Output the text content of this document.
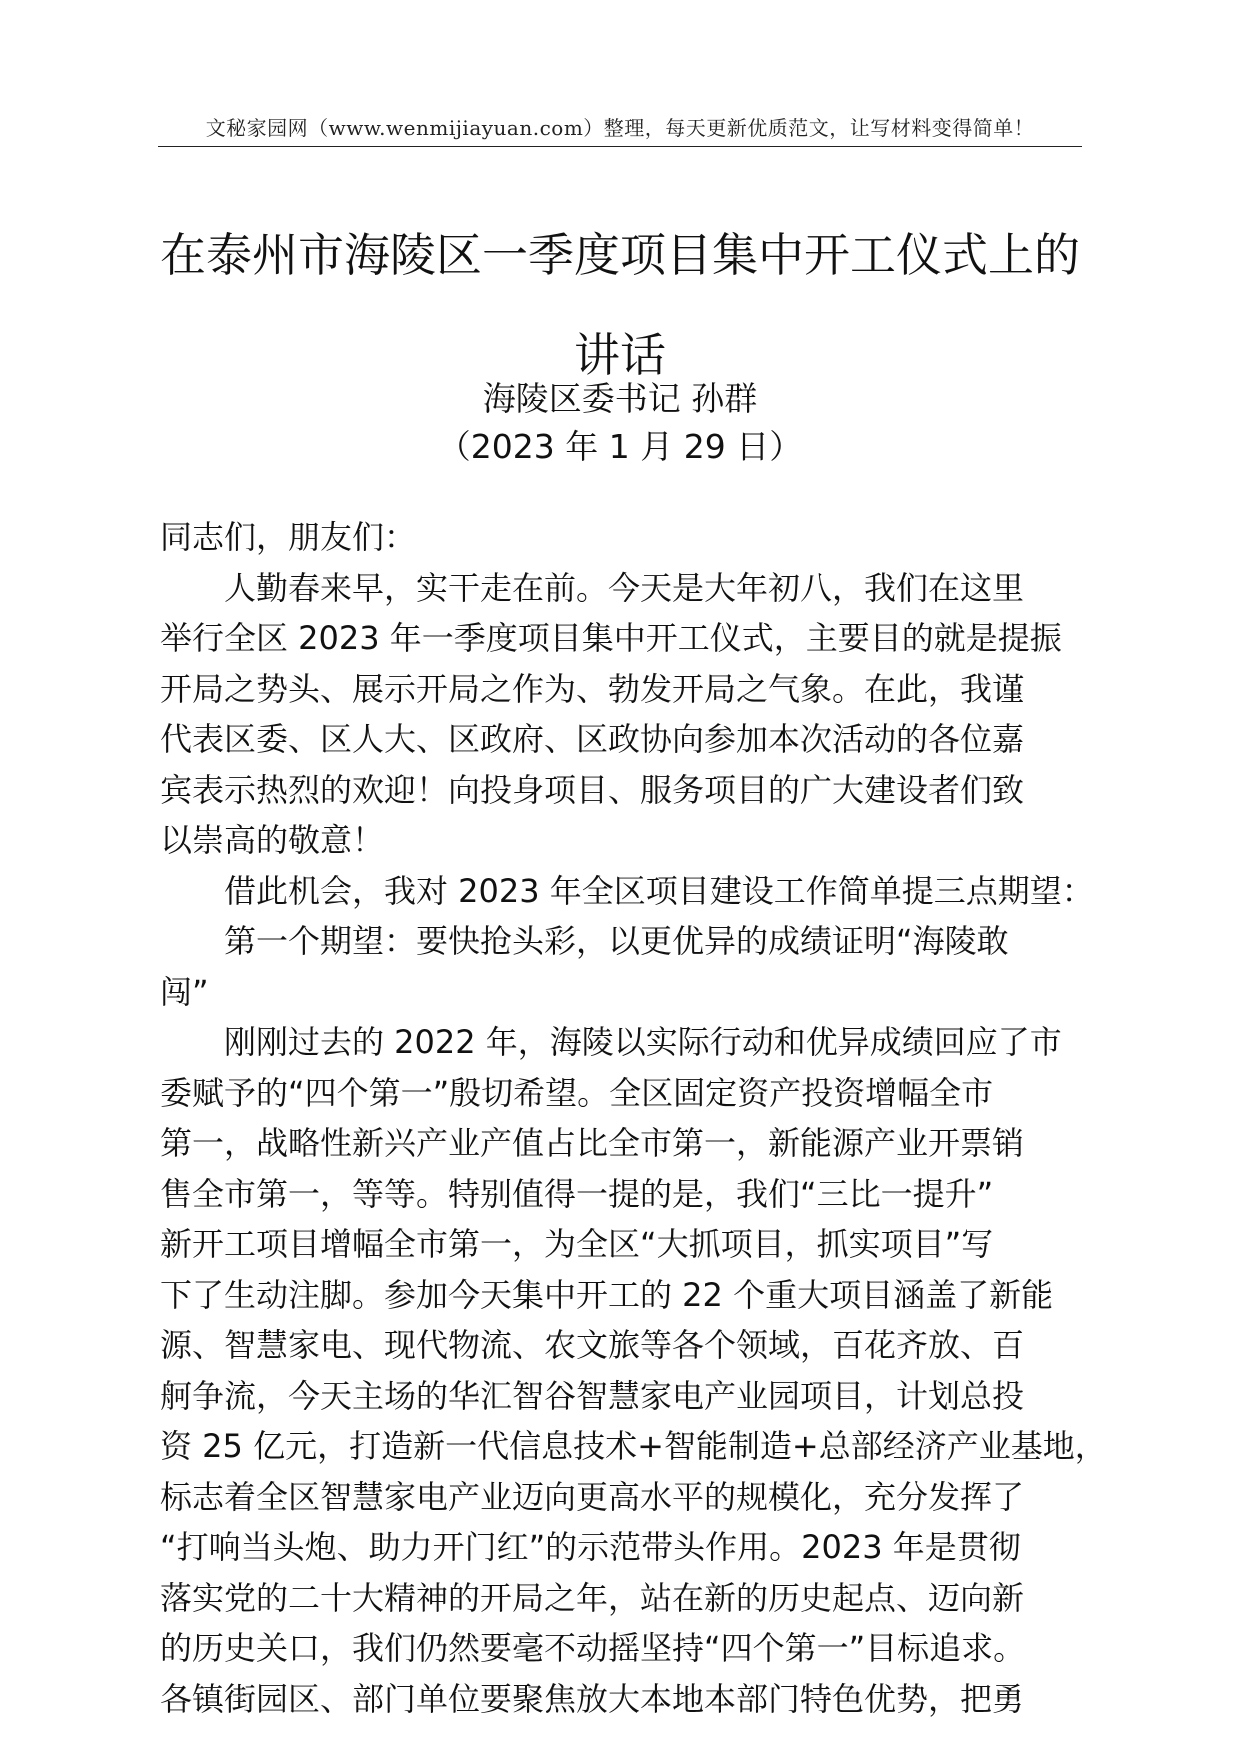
文秘家园网（www.wenmijiayuan.com）整理，每天更新优质范文，让写材料变得简单！
在泰州市海陵区一季度项目集中开工仪式上的
讲话
海陵区委书记 孙群
（2023 年 1 月 29 日）
同志们，朋友们：
人勤春来早，实干走在前。今天是大年初八，我们在这里
举行全区 2023 年一季度项目集中开工仪式，主要目的就是提振
开局之势头、展示开局之作为、勃发开局之气象。在此，我谨
代表区委、区人大、区政府、区政协向参加本次活动的各位嘉
宾表示热烈的欢迎！向投身项目、服务项目的广大建设者们致
以崇高的敬意！
借此机会，我对 2023 年全区项目建设工作简单提三点期望：
第一个期望：要快抢头彩，以更优异的成绩证明“海陵敢
闯”
刚刚过去的 2022 年，海陵以实际行动和优异成绩回应了市
委赋予的“四个第一”殷切希望。全区固定资产投资增幅全市
第一，战略性新兴产业产值占比全市第一，新能源产业开票销
售全市第一，等等。特别值得一提的是，我们“三比一提升”
新开工项目增幅全市第一，为全区“大抓项目，抓实项目”写
下了生动注脚。参加今天集中开工的 22 个重大项目涵盖了新能
源、智慧家电、现代物流、农文旅等各个领域，百花齐放、百
舸争流，今天主场的华汇智谷智慧家电产业园项目，计划总投
资 25 亿元，打造新一代信息技术+智能制造+总部经济产业基地，
标志着全区智慧家电产业迈向更高水平的规模化，充分发挥了
“打响当头炮、助力开门红”的示范带头作用。2023 年是贯彻
落实党的二十大精神的开局之年，站在新的历史起点、迈向新
的历史关口，我们仍然要毫不动摇坚持“四个第一”目标追求。
各镇街园区、部门单位要聚焦放大本地本部门特色优势，把勇
